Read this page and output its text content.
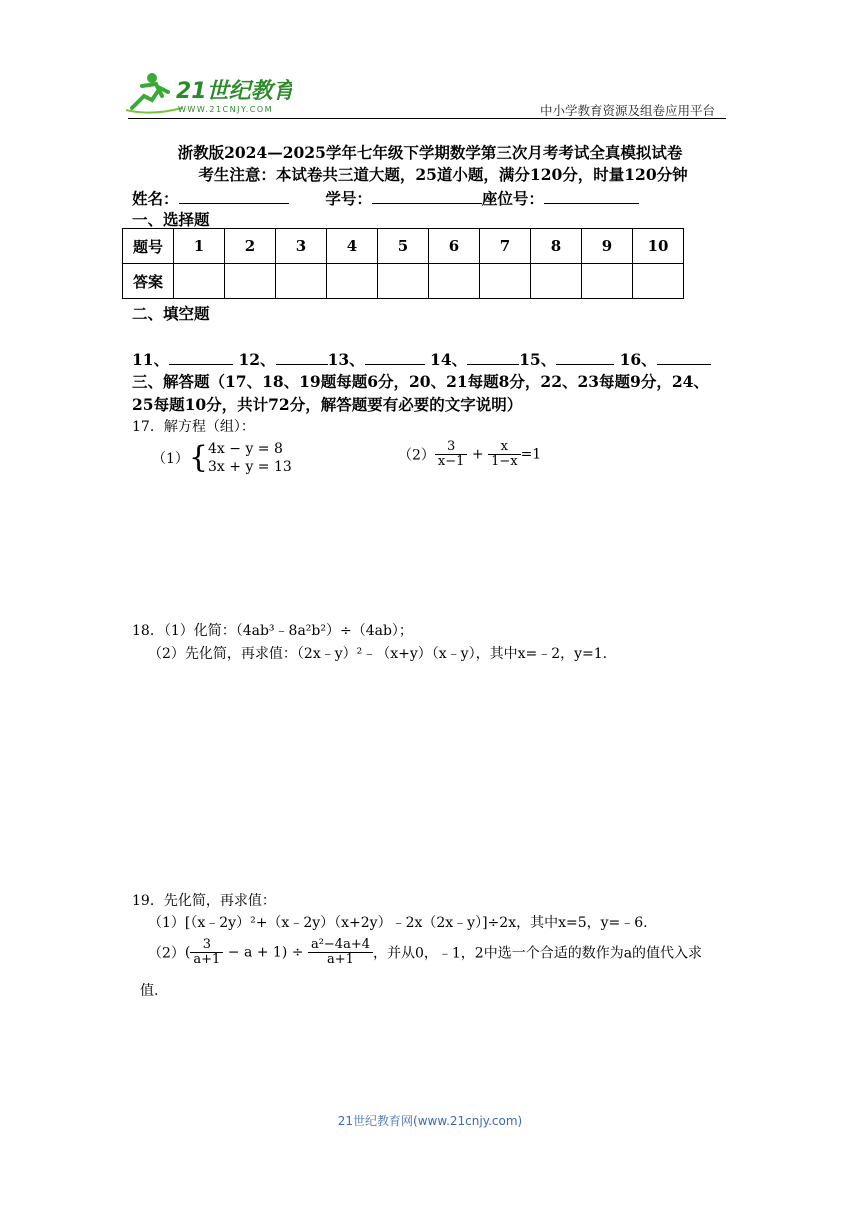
21世纪教育
WWW.21CNJY.COM	中小学教育资源及组卷应用平台
浙教版2024—2025学年七年级下学期数学第三次月考考试全真模拟试卷
考生注意：本试卷共三道大题，25道小题，满分120分，时量120分钟
姓名：	学号：	座位号：
一、选择题
题号	1	2	3	4	5	6	7	8	9	10
答案										
二、填空题
11、	12、	13、	14、	15、	16、
三、解答题（17、18、19题每题6分，20、21每题8分，22、23每题9分，24、
25每题10分，共计72分，解答题要有必要的文字说明）
17．解方程（组）：
（1）{ 4x − y = 8
3x + y = 13
$(2) \frac{3}{x-1} + \frac{x}{1-x} =1$
18．（1）化简：（4ab³﹣8a²b²）÷（4ab）；
（2）先化简，再求值：（2x﹣y）²﹣（x+y）（x﹣y），其中x=﹣2，y=1.
19．先化简，再求值：
（1）[（x﹣2y）²+（x﹣2y）（x+2y）﹣2x（2x﹣y）]÷2x，其中x=5，y=﹣6.
$(2)( \frac{3}{a+1} - a + 1) \div \frac{\text{a²−4a+4}}{a+1}$ ，并从0，﹣1，2中选一个合适的数作为a的值代入求
值.
21世纪教育网(www.21cnjy.com)
